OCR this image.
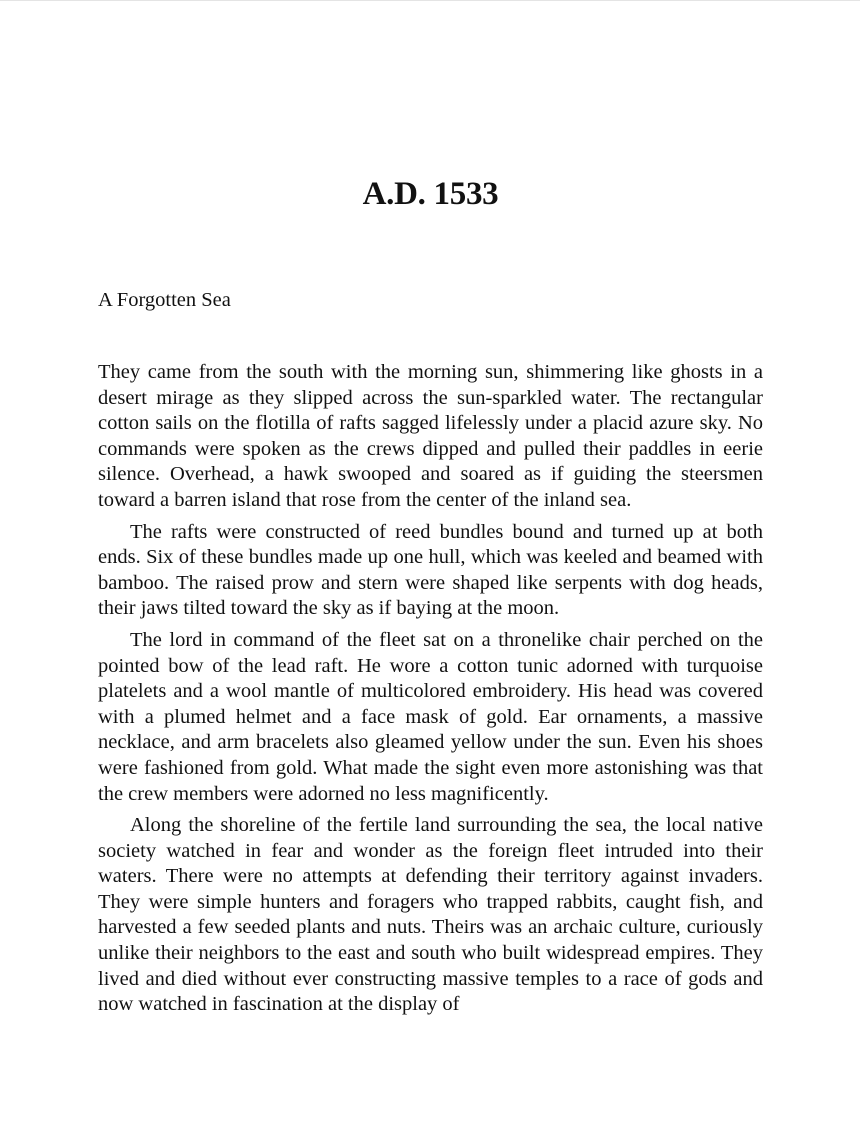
A.D. 1533

A Forgotten Sea

They came from the south with the morning sun, shimmering like ghosts in a desert mirage as they slipped across the sun-sparkled water. The rectangular cotton sails on the flotilla of rafts sagged lifelessly under a placid azure sky. No commands were spoken as the crews dipped and pulled their paddles in eerie silence. Overhead, a hawk swooped and soared as if guiding the steersmen toward a barren island that rose from the center of the inland sea.

The rafts were constructed of reed bundles bound and turned up at both ends. Six of these bundles made up one hull, which was keeled and beamed with bamboo. The raised prow and stern were shaped like serpents with dog heads, their jaws tilted toward the sky as if baying at the moon.

The lord in command of the fleet sat on a thronelike chair perched on the pointed bow of the lead raft. He wore a cotton tunic adorned with turquoise platelets and a wool mantle of multicolored embroidery. His head was covered with a plumed helmet and a face mask of gold. Ear ornaments, a massive necklace, and arm bracelets also gleamed yellow under the sun. Even his shoes were fashioned from gold. What made the sight even more astonishing was that the crew members were adorned no less magnificently.

Along the shoreline of the fertile land surrounding the sea, the local native society watched in fear and wonder as the foreign fleet intruded into their waters. There were no attempts at defending their territory against invaders. They were simple hunters and foragers who trapped rabbits, caught fish, and harvested a few seeded plants and nuts. Theirs was an archaic culture, curiously unlike their neighbors to the east and south who built widespread empires. They lived and died without ever constructing massive temples to a race of gods and now watched in fascination at the display of
